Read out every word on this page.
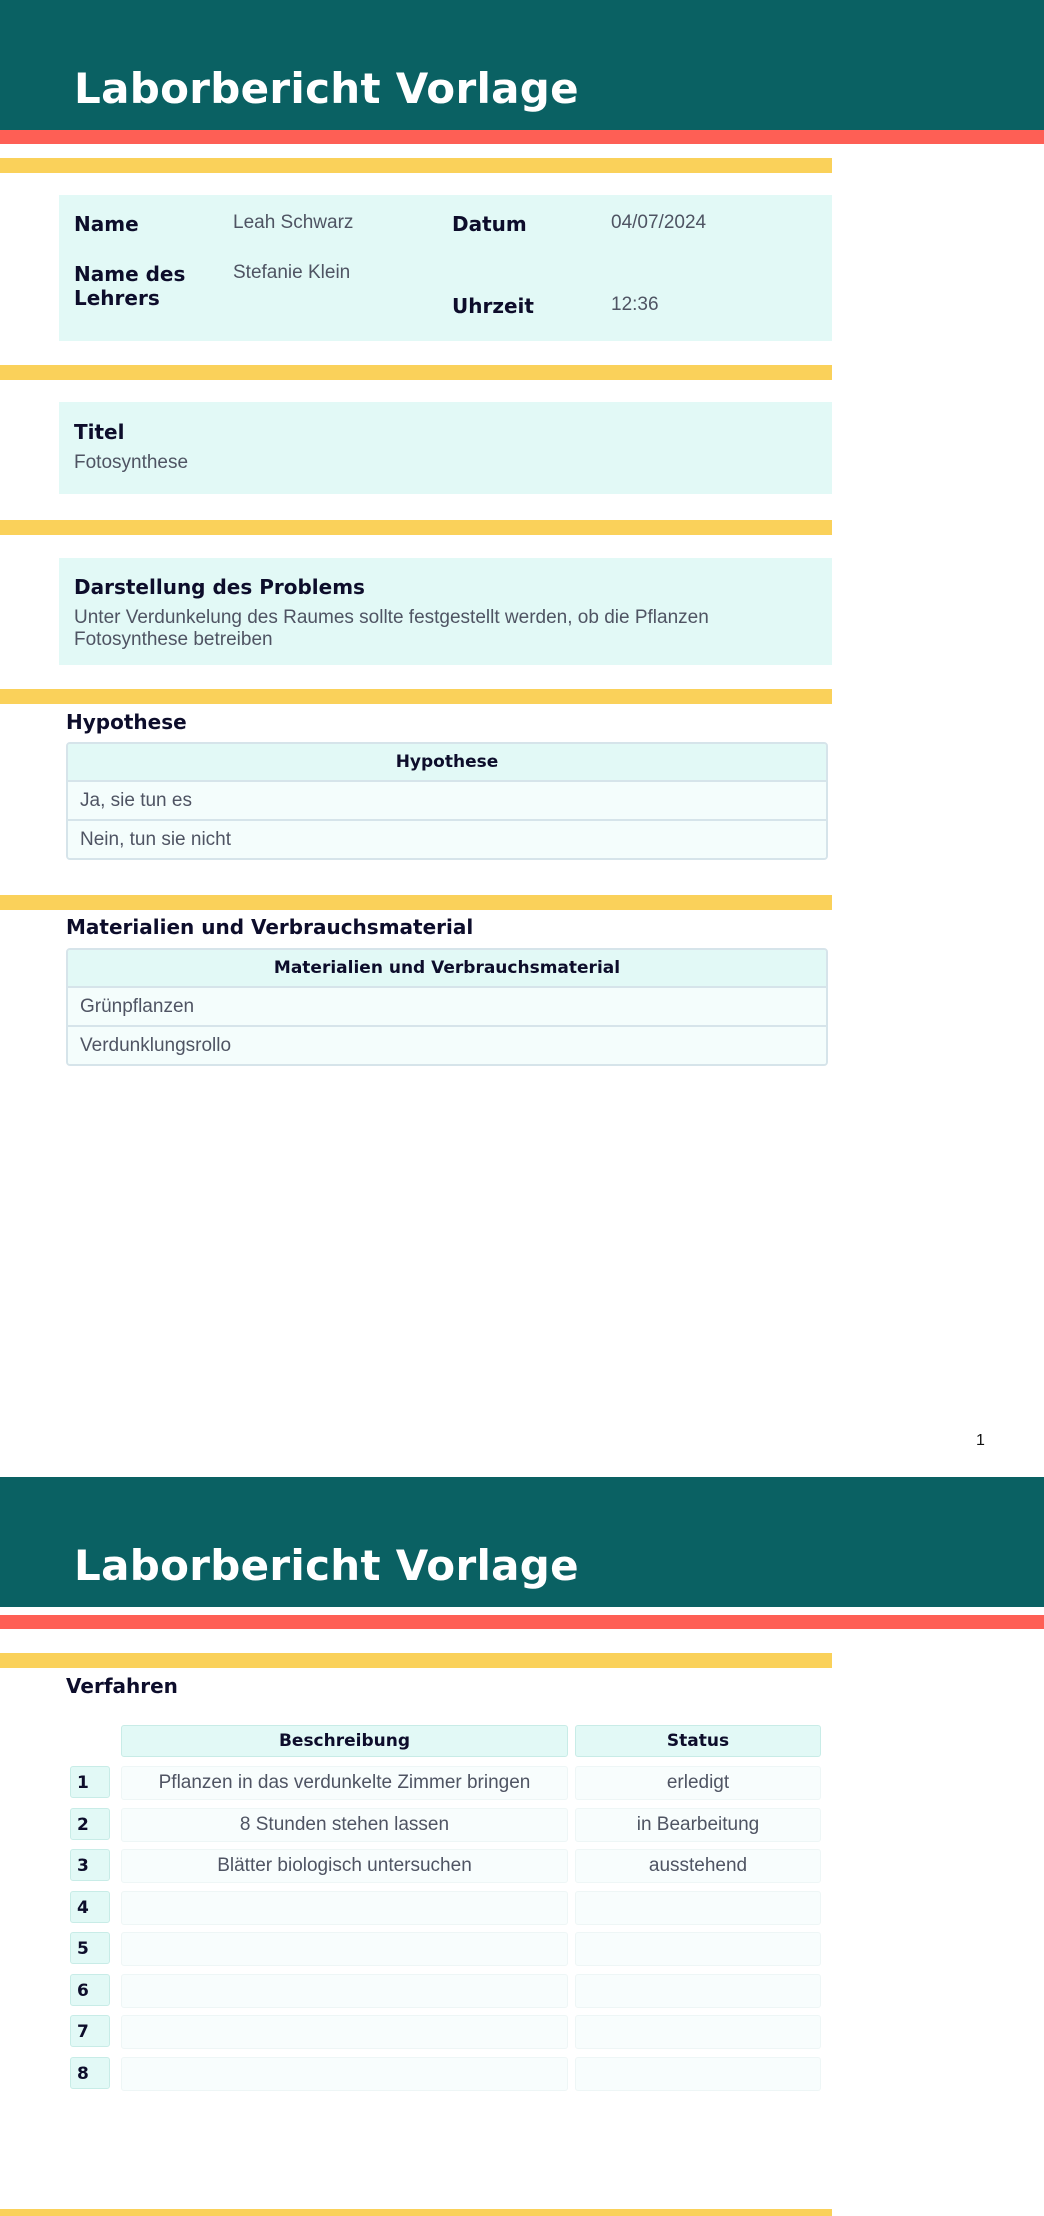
Laborbericht Vorlage
Name	Leah Schwarz
Name des
Lehrers
Stefanie Klein
Datum	04/07/2024
Uhrzeit	12:36
Titel
Fotosynthese
Darstellung des Problems
Unter Verdunkelung des Raumes sollte festgestellt werden, ob die Pflanzen
Fotosynthese betreiben
Hypothese
Hypothese
Ja, sie tun es
Nein, tun sie nicht
Materialien und Verbrauchsmaterial
Materialien und Verbrauchsmaterial
Grünpflanzen
Verdunklungsrollo
1
Laborbericht Vorlage
Verfahren
Beschreibung	Status
1	Pflanzen in das verdunkelte Zimmer bringen	erledigt
2	8 Stunden stehen lassen	in Bearbeitung
3	Blätter biologisch untersuchen	ausstehend
4
5
6
7
8
